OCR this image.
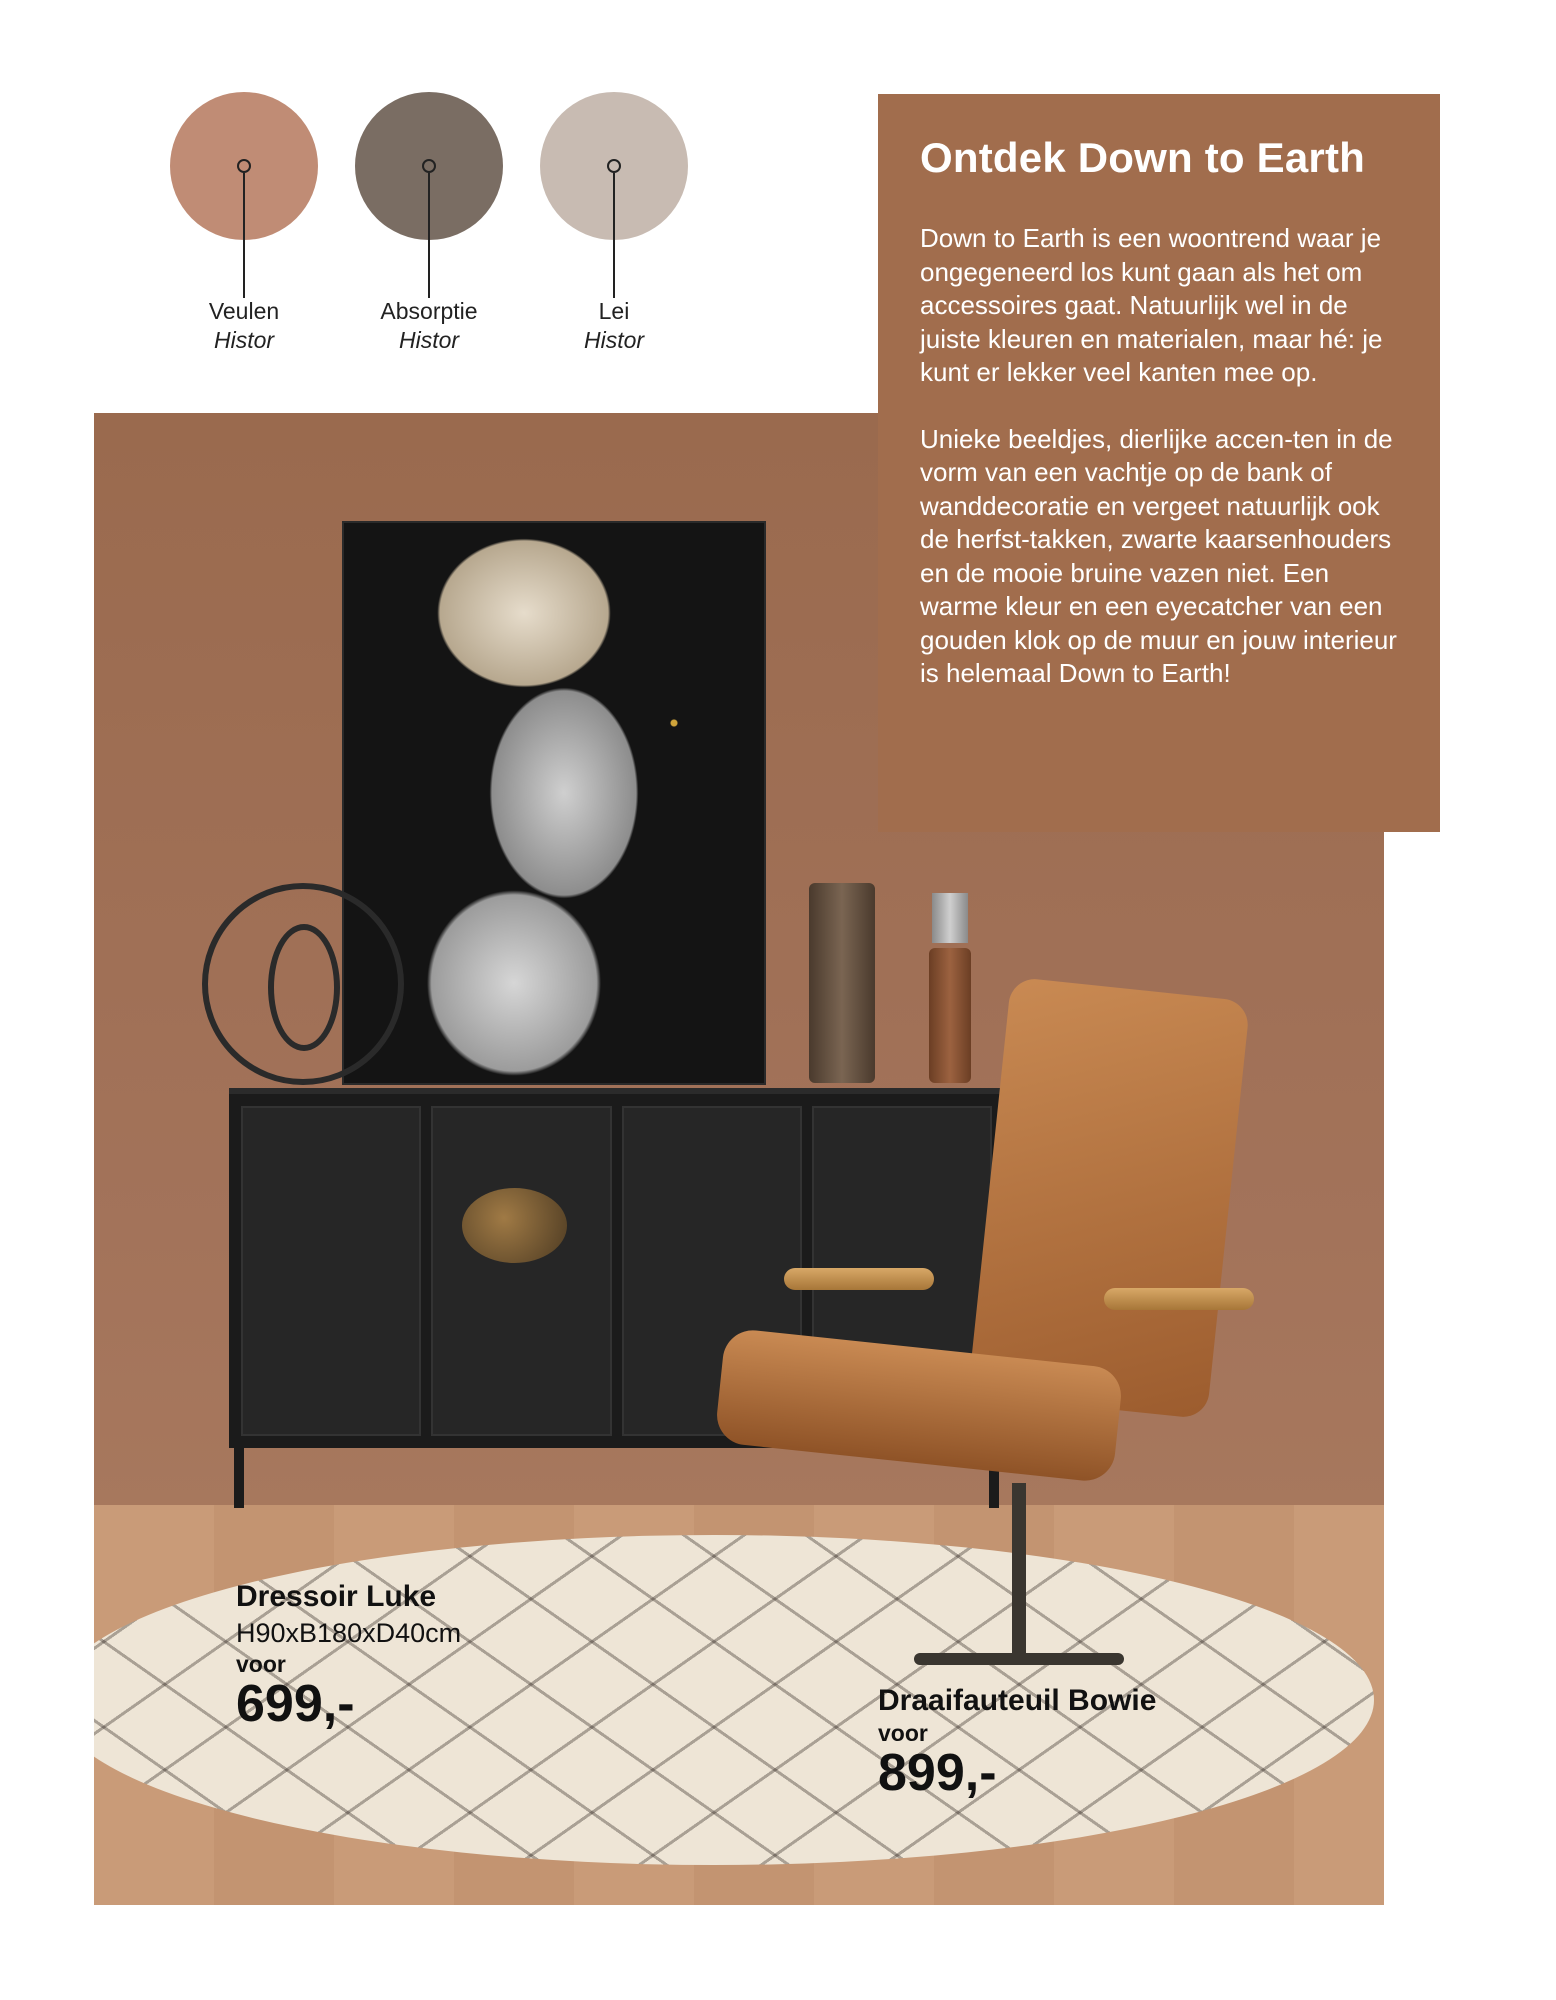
Veulen
Histor
Absorptie
Histor
Lei
Histor
Ontdek Down to Earth

Down to Earth is een woontrend waar je ongegeneerd los kunt gaan als het om accessoires gaat. Natuurlijk wel in de juiste kleuren en materialen, maar hé: je kunt er lekker veel kanten mee op.

Unieke beeldjes, dierlijke accen-ten in de vorm van een vachtje op de bank of wanddecoratie en vergeet natuurlijk ook de herfst-takken, zwarte kaarsenhouders en de mooie bruine vazen niet. Een warme kleur en een eyecatcher van een gouden klok op de muur en jouw interieur is helemaal Down to Earth!

Dressoir Luke
H90xB180xD40cm
voor
699,-	Draaifauteuil Bowie
voor
899,-
